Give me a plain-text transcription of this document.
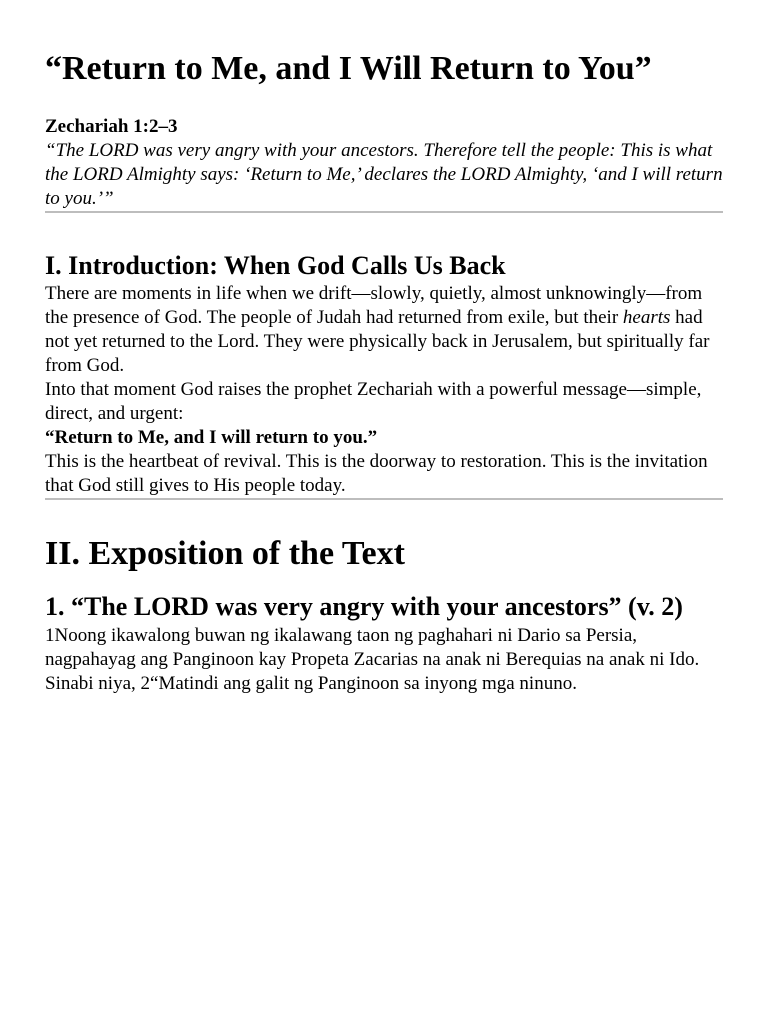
“Return to Me, and I Will Return to You”
Zechariah 1:2–3

“The LORD was very angry with your ancestors. Therefore tell the people: This is what the LORD Almighty says: ‘Return to Me,’ declares the LORD Almighty, ‘and I will return to you.’”

I. Introduction: When God Calls Us Back

There are moments in life when we drift—slowly, quietly, almost unknowingly—from the presence of God. The people of Judah had returned from exile, but their hearts had not yet returned to the Lord. They were physically back in Jerusalem, but spiritually far from God.

Into that moment God raises the prophet Zechariah with a powerful message—simple, direct, and urgent:

“Return to Me, and I will return to you.”

This is the heartbeat of revival. This is the doorway to restoration. This is the invitation that God still gives to His people today.

II. Exposition of the Text
1. “The LORD was very angry with your ancestors” (v. 2)

1Noong ikawalong buwan ng ikalawang taon ng paghahari ni Dario sa Persia, nagpahayag ang Panginoon kay Propeta Zacarias na anak ni Berequias na anak ni Ido.

Sinabi niya, 2“Matindi ang galit ng Panginoon sa inyong mga ninuno.
